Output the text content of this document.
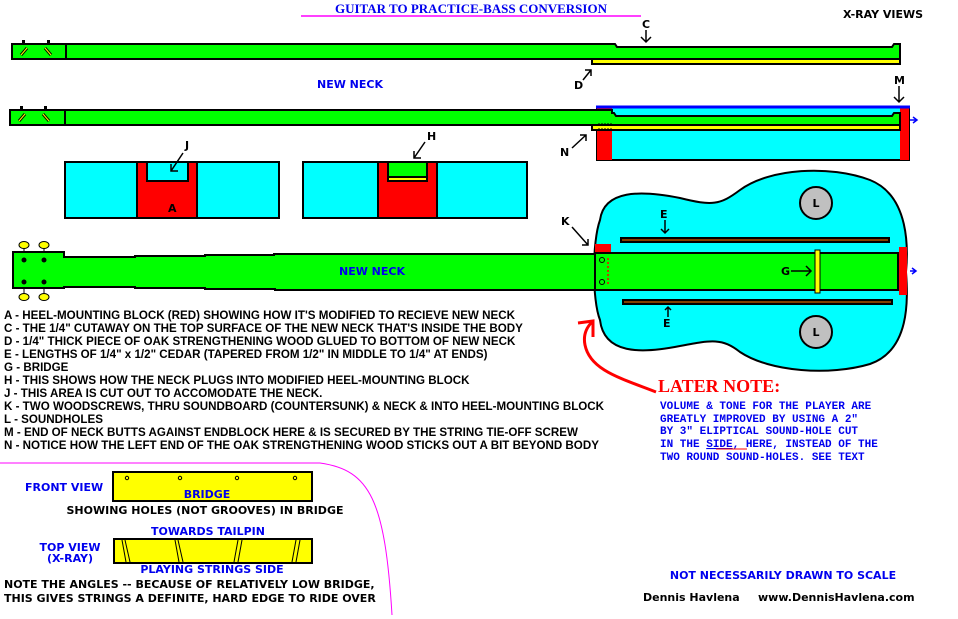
GUITAR TO PRACTICE-BASS CONVERSION	X-RAY VIEWS
C
D
NEW NECK	M
N
A
J
H
NEW NECK	G
E
E
K
L
L
A - HEEL-MOUNTING BLOCK (RED) SHOWING HOW IT'S MODIFIED TO RECIEVE NEW NECK
C - THE 1/4" CUTAWAY ON THE TOP SURFACE OF THE NEW NECK THAT'S INSIDE THE BODY
D - 1/4" THICK PIECE OF OAK STRENGTHENING WOOD GLUED TO BOTTOM OF NEW NECK
E - LENGTHS OF 1/4" x 1/2" CEDAR (TAPERED FROM 1/2" IN MIDDLE TO 1/4" AT ENDS)
G - BRIDGE
H - THIS SHOWS HOW THE NECK PLUGS INTO MODIFIED HEEL-MOUNTING BLOCK
J - THIS AREA IS CUT OUT TO ACCOMODATE THE NECK.
K - TWO WOODSCREWS, THRU SOUNDBOARD (COUNTERSUNK) & NECK & INTO HEEL-MOUNTING BLOCK
L - SOUNDHOLES
M - END OF NECK BUTTS AGAINST ENDBLOCK HERE & IS SECURED BY THE STRING TIE-OFF SCREW
N - NOTICE HOW THE LEFT END OF THE OAK STRENGTHENING WOOD STICKS OUT A BIT BEYOND BODY
LATER NOTE:
VOLUME & TONE FOR THE PLAYER ARE
GREATLY IMPROVED BY USING A 2"
BY 3" ELIPTICAL SOUND-HOLE CUT
IN THE SIDE, HERE, INSTEAD OF THE
TWO ROUND SOUND-HOLES. SEE TEXT
FRONT VIEW
BRIDGE
SHOWING HOLES (NOT GROOVES) IN BRIDGE
TOWARDS TAILPIN
TOP VIEW
(X-RAY)
PLAYING STRINGS SIDE
NOTE THE ANGLES -- BECAUSE OF RELATIVELY LOW BRIDGE,
THIS GIVES STRINGS A DEFINITE, HARD EDGE TO RIDE OVER
NOT NECESSARILY DRAWN TO SCALE
Dennis Havlena www.DennisHavlena.com
